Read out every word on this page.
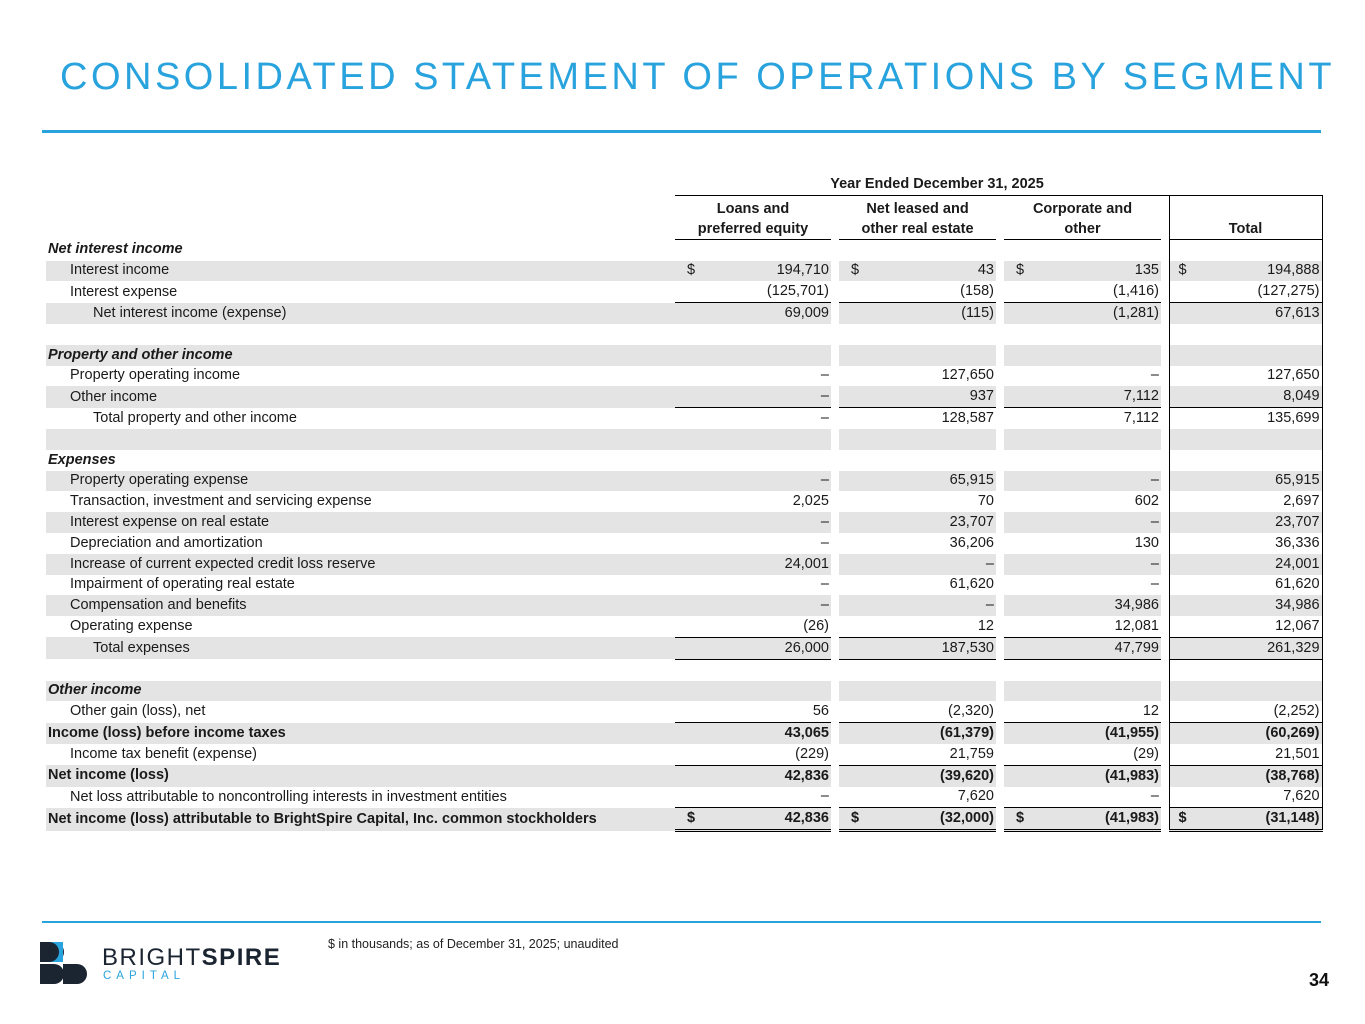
CONSOLIDATED STATEMENT OF OPERATIONS BY SEGMENT
	Year Ended December 31, 2025										
	Loans and
preferred equity			Net leased and
other real estate			Corporate and
other			Total	
Net interest income											
Interest income	$	194,710		$	43		$	135		$	194,888
Interest expense		(125,701)			(158)			(1,416)			(127,275)
Net interest income (expense)		69,009			(115)			(1,281)			67,613

Property and other income											
Property operating income		–			127,650			–			127,650
Other income		–			937			7,112			8,049
Total property and other income		–			128,587			7,112			135,699

Expenses											
Property operating expense		–			65,915			–			65,915
Transaction, investment and servicing expense		2,025			70			602			2,697
Interest expense on real estate		–			23,707			–			23,707
Depreciation and amortization		–			36,206			130			36,336
Increase of current expected credit loss reserve		24,001			–			–			24,001
Impairment of operating real estate		–			61,620			–			61,620
Compensation and benefits		–			–			34,986			34,986
Operating expense		(26)			12			12,081			12,067
Total expenses		26,000			187,530			47,799			261,329

Other income											
Other gain (loss), net		56			(2,320)			12			(2,252)
Income (loss) before income taxes		43,065			(61,379)			(41,955)			(60,269)
Income tax benefit (expense)		(229)			21,759			(29)			21,501
Net income (loss)		42,836			(39,620)			(41,983)			(38,768)
Net loss attributable to noncontrolling interests in investment entities		–			7,620			–			7,620
Net income (loss) attributable to BrightSpire Capital, Inc. common stockholders	$	42,836		$	(32,000)		$	(41,983)		$	(31,148)
BRIGHTSPIRE
CAPITAL
$ in thousands; as of December 31, 2025; unaudited
34
